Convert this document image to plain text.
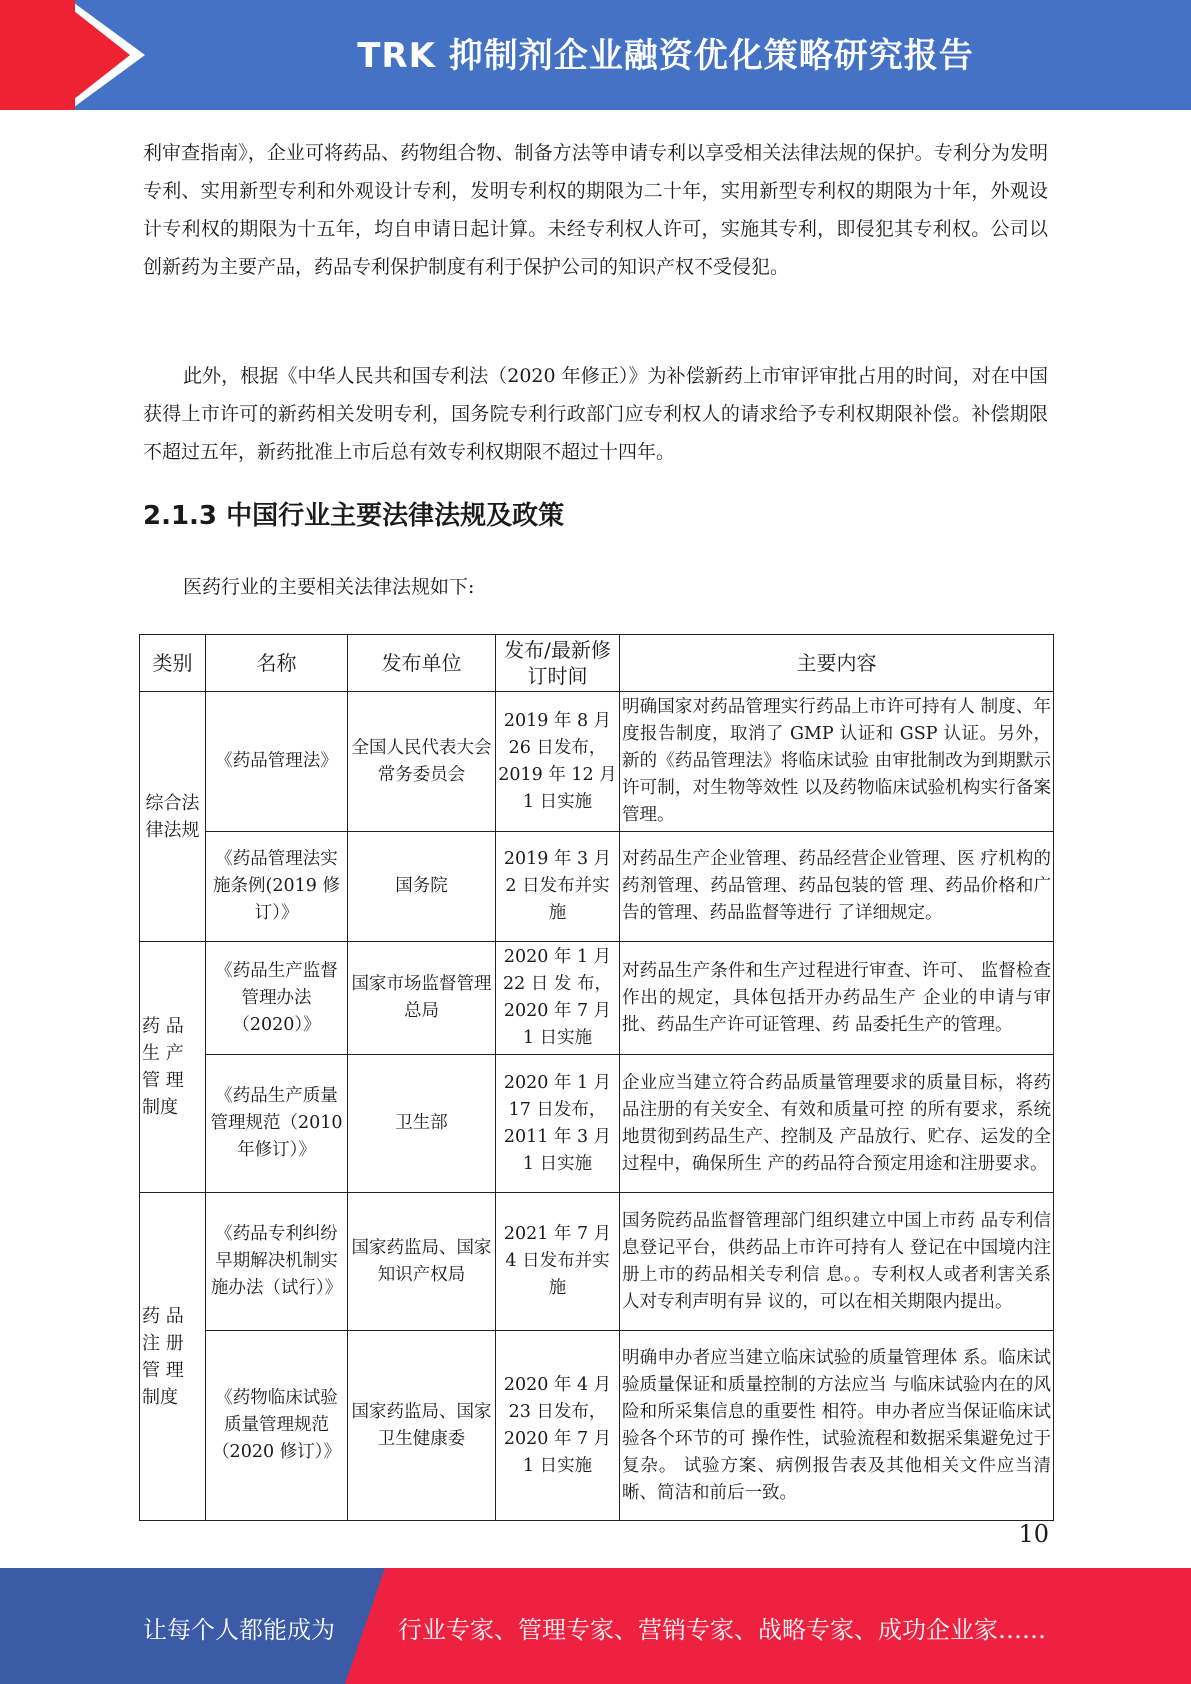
TRK 抑制剂企业融资优化策略研究报告
利审查指南》，企业可将药品、药物组合物、制备方法等申请专利以享受相关法律法规的保护。专利分为发明专利、实用新型专利和外观设计专利，发明专利权的期限为二十年，实用新型专利权的期限为十年，外观设计专利权的期限为十五年，均自申请日起计算。未经专利权人许可，实施其专利，即侵犯其专利权。公司以创新药为主要产品，药品专利保护制度有利于保护公司的知识产权不受侵犯。
此外，根据《中华人民共和国专利法（2020 年修正）》为补偿新药上市审评审批占用的时间，对在中国获得上市许可的新药相关发明专利，国务院专利行政部门应专利权人的请求给予专利权期限补偿。补偿期限不超过五年，新药批准上市后总有效专利权期限不超过十四年。
2.1.3 中国行业主要法律法规及政策
医药行业的主要相关法律法规如下:
类别	名称	发布单位	发布/最新修订时间	主要内容
综合法律法规	《药品管理法》	全国人民代表大会常务委员会	2019 年 8 月 26 日发布，2019 年 12 月 1 日实施	明确国家对药品管理实行药品上市许可持有人 制度、年度报告制度，取消了 GMP 认证和 GSP 认证。另外，新的《药品管理法》将临床试验 由审批制改为到期默示许可制，对生物等效性 以及药物临床试验机构实行备案管理。
	《药品管理法实施条例(2019 修订）》	国务院	2019 年 3 月 2 日发布并实施	对药品生产企业管理、药品经营企业管理、医 疗机构的药剂管理、药品管理、药品包装的管 理、药品价格和广告的管理、药品监督等进行 了详细规定。
药 品 生 产 管 理 制度	《药品生产监督管理办法（2020）》	国家市场监督管理总局	2020 年 1 月 22 日 发 布，2020 年 7 月 1 日实施	对药品生产条件和生产过程进行审查、许可、 监督检查作出的规定，具体包括开办药品生产 企业的申请与审批、药品生产许可证管理、药 品委托生产的管理。
	《药品生产质量管理规范（2010 年修订）》	卫生部	2020 年 1 月 17 日发布，2011 年 3 月 1 日实施	企业应当建立符合药品质量管理要求的质量目标，将药品注册的有关安全、有效和质量可控 的所有要求，系统地贯彻到药品生产、控制及 产品放行、贮存、运发的全过程中，确保所生 产的药品符合预定用途和注册要求。
药 品 注 册 管 理 制度	《药品专利纠纷早期解决机制实施办法（试行）》	国家药监局、国家知识产权局	2021 年 7 月 4 日发布并实施	国务院药品监督管理部门组织建立中国上市药 品专利信息登记平台，供药品上市许可持有人 登记在中国境内注册上市的药品相关专利信 息。。专利权人或者利害关系人对专利声明有异 议的，可以在相关期限内提出。
	《药物临床试验质量管理规范（2020 修订）》	国家药监局、国家卫生健康委	2020 年 4 月 23 日发布，2020 年 7 月 1 日实施	明确申办者应当建立临床试验的质量管理体 系。临床试验质量保证和质量控制的方法应当 与临床试验内在的风险和所采集信息的重要性 相符。申办者应当保证临床试验各个环节的可 操作性，试验流程和数据采集避免过于复杂。 试验方案、病例报告表及其他相关文件应当清 晰、简洁和前后一致。
10
让每个人都能成为	行业专家、管理专家、营销专家、战略专家、成功企业家……
